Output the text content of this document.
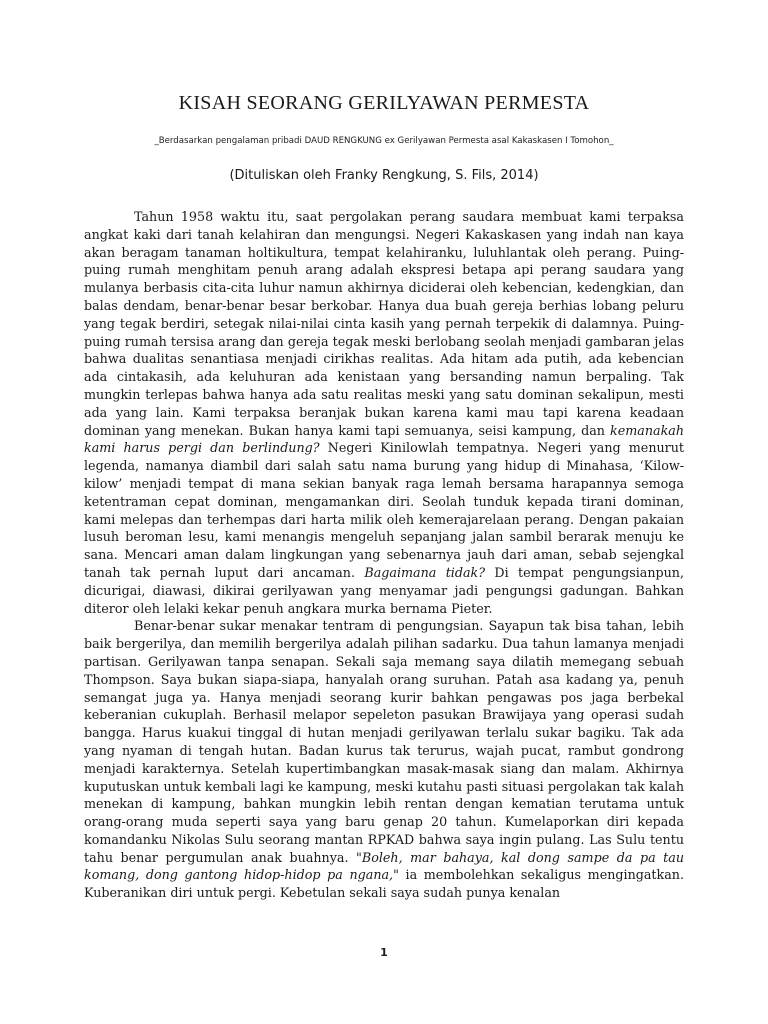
KISAH SEORANG GERILYAWAN PERMESTA

_Berdasarkan pengalaman pribadi DAUD RENGKUNG ex Gerilyawan Permesta asal Kakaskasen I Tomohon_

(Dituliskan oleh Franky Rengkung, S. Fils, 2014)

Tahun 1958 waktu itu, saat pergolakan perang saudara membuat kami terpaksa angkat kaki dari tanah kelahiran dan mengungsi. Negeri Kakaskasen yang indah nan kaya akan beragam tanaman holtikultura, tempat kelahiranku, luluhlantak oleh perang. Puing-puing rumah menghitam penuh arang adalah ekspresi betapa api perang saudara yang mulanya berbasis cita-cita luhur namun akhirnya diciderai oleh kebencian, kedengkian, dan balas dendam, benar-benar besar berkobar. Hanya dua buah gereja berhias lobang peluru yang tegak berdiri, setegak nilai-nilai cinta kasih yang pernah terpekik di dalamnya. Puing-puing rumah tersisa arang dan gereja tegak meski berlobang seolah menjadi gambaran jelas bahwa dualitas senantiasa menjadi cirikhas realitas. Ada hitam ada putih, ada kebencian ada cintakasih, ada keluhuran ada kenistaan yang bersanding namun berpaling. Tak mungkin terlepas bahwa hanya ada satu realitas meski yang satu dominan sekalipun, mesti ada yang lain. Kami terpaksa beranjak bukan karena kami mau tapi karena keadaan dominan yang menekan. Bukan hanya kami tapi semuanya, seisi kampung, dan kemanakah kami harus pergi dan berlindung? Negeri Kinilowlah tempatnya. Negeri yang menurut legenda, namanya diambil dari salah satu nama burung yang hidup di Minahasa, ‘Kilow-kilow’ menjadi tempat di mana sekian banyak raga lemah bersama harapannya semoga ketentraman cepat dominan, mengamankan diri. Seolah tunduk kepada tirani dominan, kami melepas dan terhempas dari harta milik oleh kemerajarelaan perang. Dengan pakaian lusuh beroman lesu, kami menangis mengeluh sepanjang jalan sambil berarak menuju ke sana. Mencari aman dalam lingkungan yang sebenarnya jauh dari aman, sebab sejengkal tanah tak pernah luput dari ancaman. Bagaimana tidak? Di tempat pengungsianpun, dicurigai, diawasi, dikirai gerilyawan yang menyamar jadi pengungsi gadungan. Bahkan diteror oleh lelaki kekar penuh angkara murka bernama Pieter.

Benar-benar sukar menakar tentram di pengungsian. Sayapun tak bisa tahan, lebih baik bergerilya, dan memilih bergerilya adalah pilihan sadarku. Dua tahun lamanya menjadi partisan. Gerilyawan tanpa senapan. Sekali saja memang saya dilatih memegang sebuah Thompson. Saya bukan siapa-siapa, hanyalah orang suruhan. Patah asa kadang ya, penuh semangat juga ya. Hanya menjadi seorang kurir bahkan pengawas pos jaga berbekal keberanian cukuplah. Berhasil melapor sepeleton pasukan Brawijaya yang operasi sudah bangga. Harus kuakui tinggal di hutan menjadi gerilyawan terlalu sukar bagiku. Tak ada yang nyaman di tengah hutan. Badan kurus tak terurus, wajah pucat, rambut gondrong menjadi karakternya. Setelah kupertimbangkan masak-masak siang dan malam. Akhirnya kuputuskan untuk kembali lagi ke kampung, meski kutahu pasti situasi pergolakan tak kalah menekan di kampung, bahkan mungkin lebih rentan dengan kematian terutama untuk orang-orang muda seperti saya yang baru genap 20 tahun. Kumelaporkan diri kepada komandanku Nikolas Sulu seorang mantan RPKAD bahwa saya ingin pulang. Las Sulu tentu tahu benar pergumulan anak buahnya. "Boleh, mar bahaya, kal dong sampe da pa tau komang, dong gantong hidop-hidop pa ngana," ia membolehkan sekaligus mengingatkan. Kuberanikan diri untuk pergi. Kebetulan sekali saya sudah punya kenalan

1
